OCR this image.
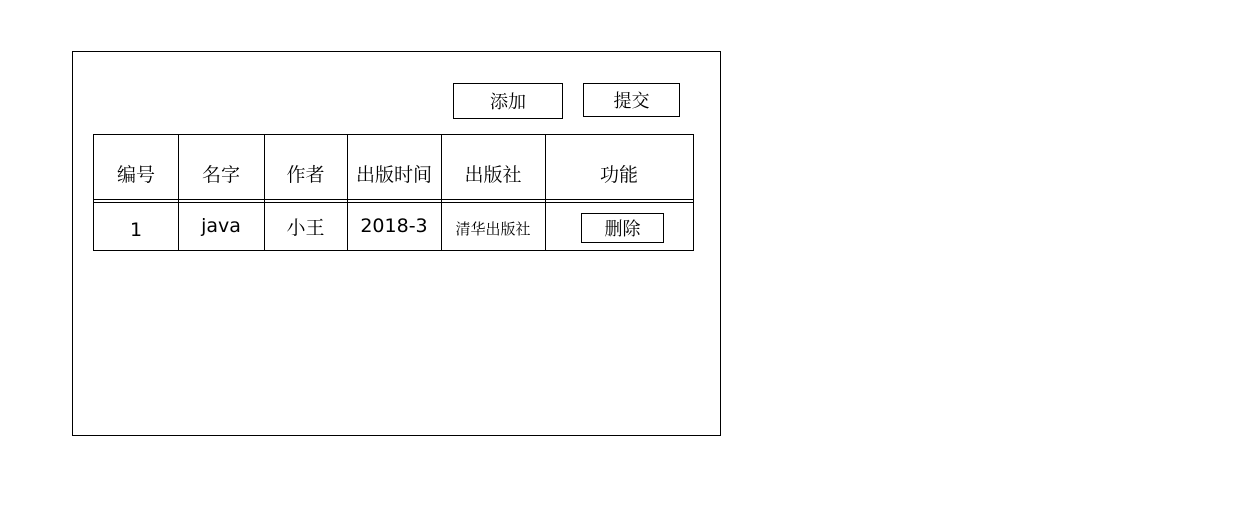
添加	提交
编号	名字	作者	出版时间	出版社	功能
1	java	小王	2018-3	清华出版社	删除
